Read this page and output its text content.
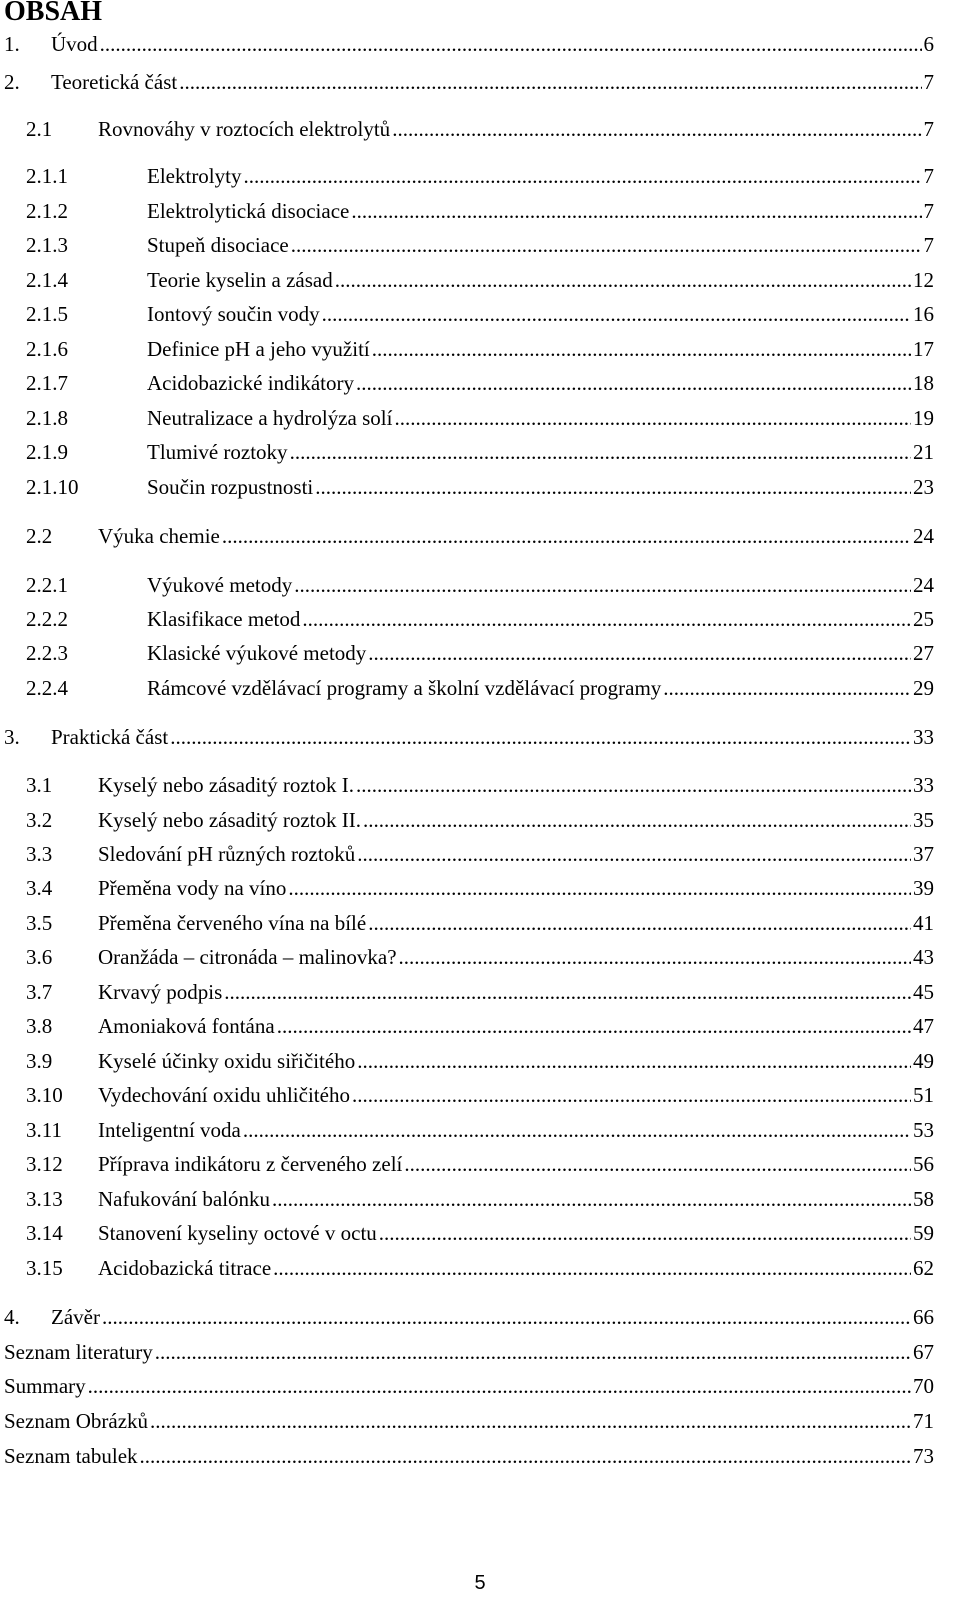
OBSAH
1.	Úvod .....	6
2.	Teoretická část .....	7
2.1	Rovnováhy v roztocích elektrolytů .....	7
2.1.1	Elektrolyty .....	7
2.1.2	Elektrolytická disociace .....	7
2.1.3	Stupeň disociace .....	7
2.1.4	Teorie kyselin a zásad .....	12
2.1.5	Iontový součin vody .....	16
2.1.6	Definice pH a jeho využití .....	17
2.1.7	Acidobazické indikátory .....	18
2.1.8	Neutralizace a hydrolýza solí .....	19
2.1.9	Tlumivé roztoky .....	21
2.1.10	Součin rozpustnosti .....	23
2.2	Výuka chemie .....	24
2.2.1	Výukové metody .....	24
2.2.2	Klasifikace metod .....	25
2.2.3	Klasické výukové metody .....	27
2.2.4	Rámcové vzdělávací programy a školní vzdělávací programy .....	29
3.	Praktická část .....	33
3.1	Kyselý nebo zásaditý roztok I. .....	33
3.2	Kyselý nebo zásaditý roztok II. .....	35
3.3	Sledování pH různých roztoků .....	37
3.4	Přeměna vody na víno .....	39
3.5	Přeměna červeného vína na bílé .....	41
3.6	Oranžáda – citronáda – malinovka? .....	43
3.7	Krvavý podpis .....	45
3.8	Amoniaková fontána .....	47
3.9	Kyselé účinky oxidu siřičitého .....	49
3.10	Vydechování oxidu uhličitého .....	51
3.11	Inteligentní voda .....	53
3.12	Příprava indikátoru z červeného zelí .....	56
3.13	Nafukování balónku .....	58
3.14	Stanovení kyseliny octové v octu .....	59
3.15	Acidobazická titrace .....	62
4.	Závěr .....	66
Seznam literatury .....	67
Summary .....	70
Seznam Obrázků .....	71
Seznam tabulek .....	73
5
